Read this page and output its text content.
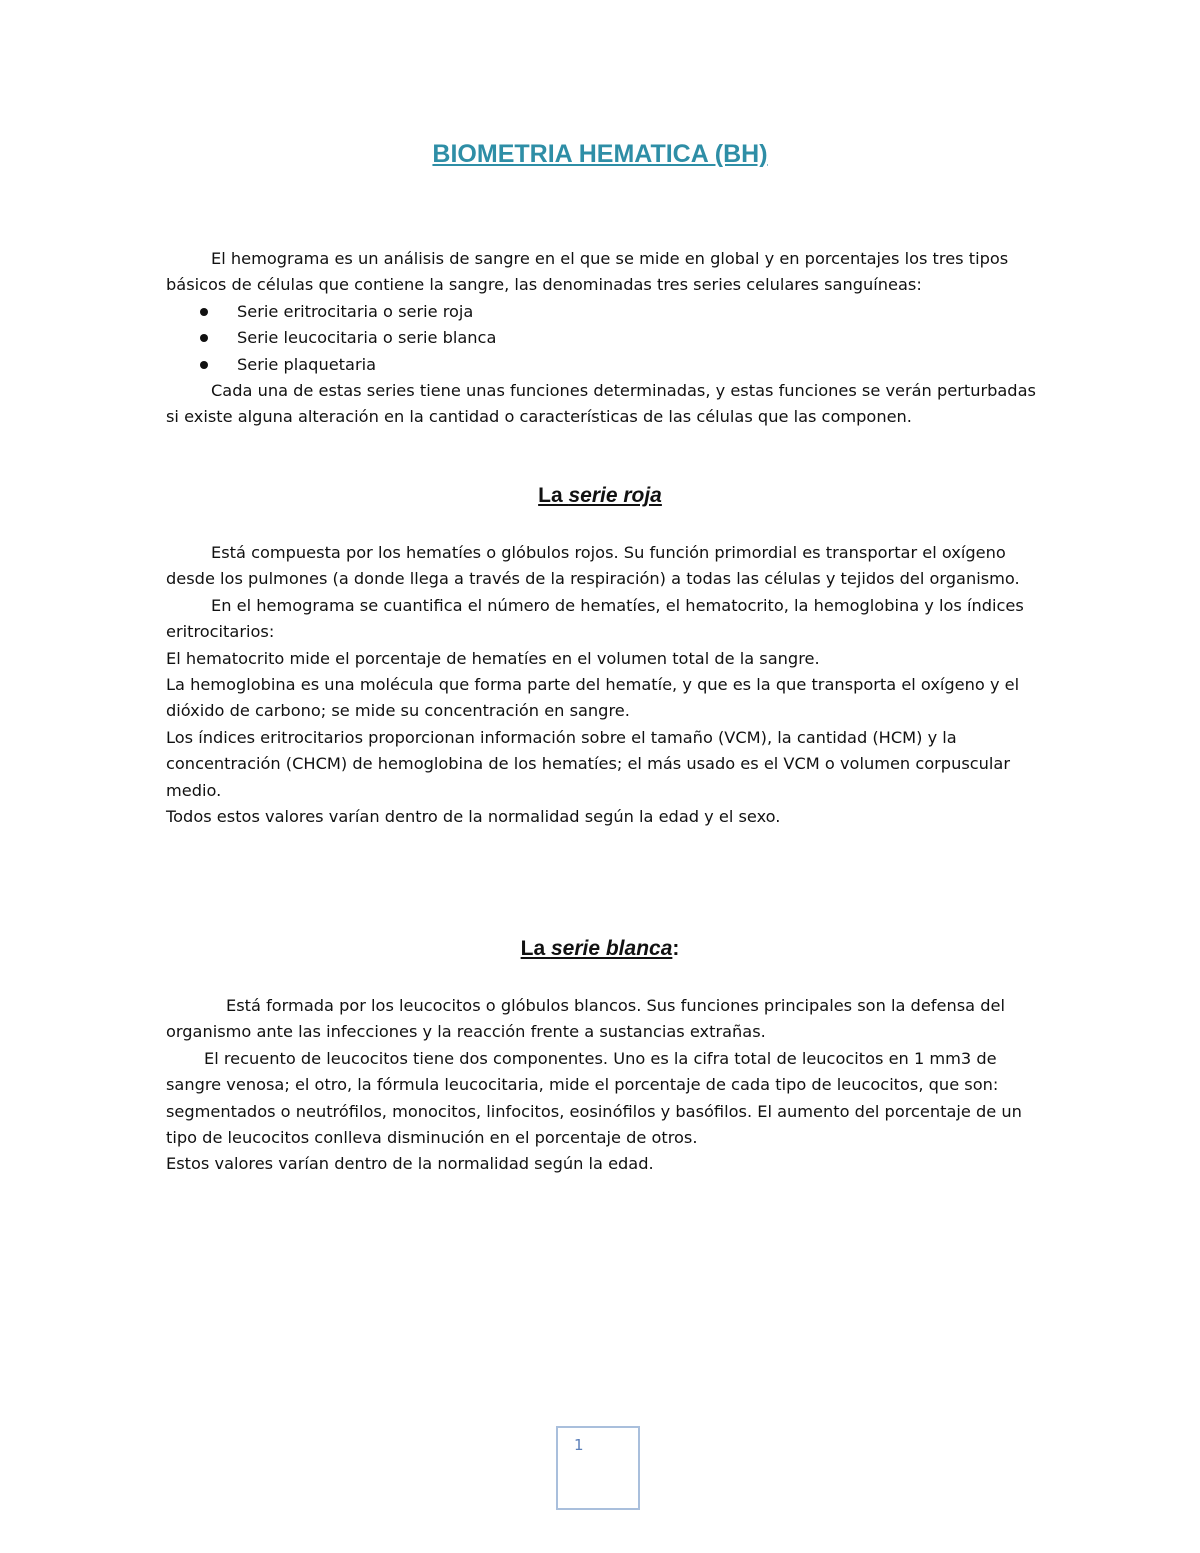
BIOMETRIA HEMATICA (BH)

El hemograma es un análisis de sangre en el que se mide en global y en porcentajes los tres tipos básicos de células que contiene la sangre, las denominadas tres series celulares sanguíneas:

Serie eritrocitaria o serie roja
Serie leucocitaria o serie blanca
Serie plaquetaria

Cada una de estas series tiene unas funciones determinadas, y estas funciones se verán perturbadas si existe alguna alteración en la cantidad o características de las células que las componen.

La serie roja

Está compuesta por los hematíes o glóbulos rojos. Su función primordial es transportar el oxígeno desde los pulmones (a donde llega a través de la respiración) a todas las células y tejidos del organismo.

En el hemograma se cuantifica el número de hematíes, el hematocrito, la hemoglobina y los índices eritrocitarios:

El hematocrito mide el porcentaje de hematíes en el volumen total de la sangre.

La hemoglobina es una molécula que forma parte del hematíe, y que es la que transporta el oxígeno y el dióxido de carbono; se mide su concentración en sangre.

Los índices eritrocitarios proporcionan información sobre el tamaño (VCM), la cantidad (HCM) y la concentración (CHCM) de hemoglobina de los hematíes; el más usado es el VCM o volumen corpuscular medio.

Todos estos valores varían dentro de la normalidad según la edad y el sexo.

La serie blanca:

Está formada por los leucocitos o glóbulos blancos. Sus funciones principales son la defensa del organismo ante las infecciones y la reacción frente a sustancias extrañas.

El recuento de leucocitos tiene dos componentes. Uno es la cifra total de leucocitos en 1 mm3 de sangre venosa; el otro, la fórmula leucocitaria, mide el porcentaje de cada tipo de leucocitos, que son: segmentados o neutrófilos, monocitos, linfocitos, eosinófilos y basófilos. El aumento del porcentaje de un tipo de leucocitos conlleva disminución en el porcentaje de otros.

Estos valores varían dentro de la normalidad según la edad.

1
